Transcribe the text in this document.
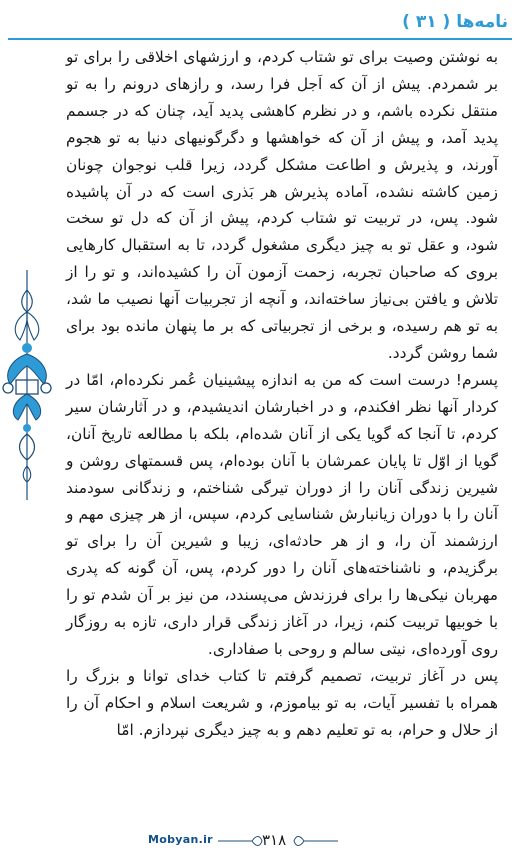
نامه‌ها ( ۳۱ )

به نوشتن وصیت برای تو شتاب کردم، و ارزشهای اخلاقی را برای تو بر شمردم. پیش از آن که اَجل فرا رسد، و رازهای درونم را به تو منتقل نکرده باشم، و در نظرم کاهشی پدید آید، چنان که در جسمم پدید آمد، و پیش از آن که خواهشها و دگرگونیهای دنیا به تو هجوم آورند، و پذیرش و اطاعت مشکل گردد، زیرا قلب نوجوان چونان زمین کاشته نشده، آماده پذیرش هر بَذری است که در آن پاشیده شود. پس، در تربیت تو شتاب کردم، پیش از آن که دل تو سخت شود، و عقل تو به چیز دیگری مشغول گردد، تا به استقبال کارهایی بروی که صاحبان تجربه، زحمت آزمون آن را کشیده‌اند، و تو را از تلاش و یافتن بی‌نیاز ساخته‌اند، و آنچه از تجربیات آنها نصیب ما شد، به تو هم رسیده، و برخی از تجربیاتی که بر ما پنهان مانده بود برای شما روشن گردد.

پسرم! درست است که من به اندازه پیشینیان عُمر نکرده‌ام، امّا در کردار آنها نظر افکندم، و در اخبارشان اندیشیدم، و در آثارشان سیر کردم، تا آنجا که گویا یکی از آنان شده‌ام، بلکه با مطالعه تاریخ آنان، گویا از اوّل تا پایان عمرشان با آنان بوده‌ام، پس قسمتهای روشن و شیرین زندگی آنان را از دوران تیرگی شناختم، و زندگانی سودمند آنان را با دوران زیانبارش شناسایی کردم، سپس، از هر چیزی مهم و ارزشمند آن را، و از هر حادثه‌ای، زیبا و شیرین آن را برای تو برگزیدم، و ناشناخته‌های آنان را دور کردم، پس، آن گونه که پدری مهربان نیکی‌ها را برای فرزندش می‌پسندد، من نیز بر آن شدم تو را با خوبیها تربیت کنم، زیرا، در آغاز زندگی قرار داری، تازه به روزگار روی آورده‌ای، نیتی سالم و روحی با صفاداری.

پس در آغاز تربیت، تصمیم گرفتم تا کتاب خدای توانا و بزرگ را همراه با تفسیر آیات، به تو بیاموزم، و شریعت اسلام و احکام آن را از حلال و حرام، به تو تعلیم دهم و به چیز دیگری نپردازم. امّا

Mobyan.ir	۳۱۸
